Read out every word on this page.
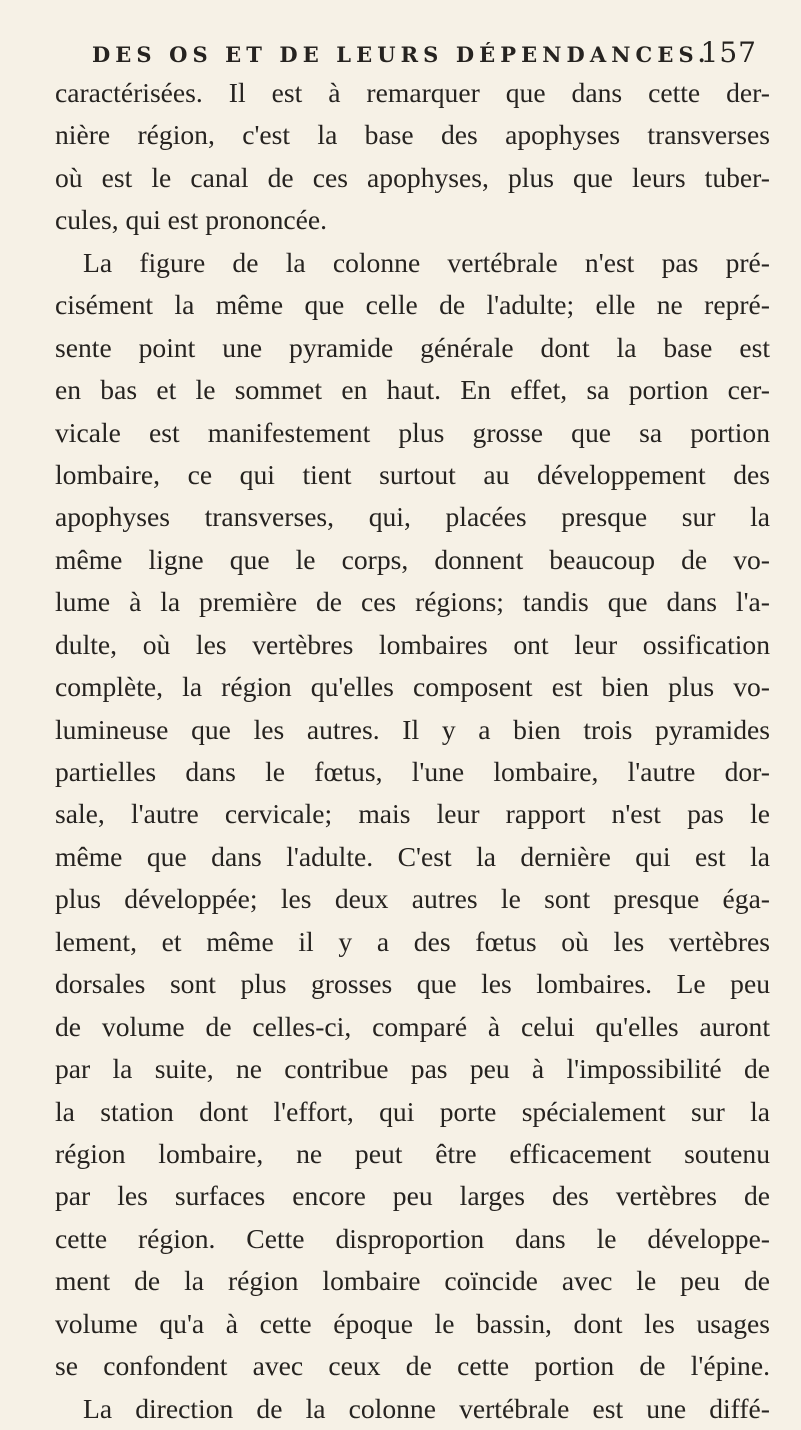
DES OS ET DE LEURS DÉPENDANCES.
157
caractérisées. Il est à remarquer que dans cette der-
nière région, c'est la base des apophyses transverses
où est le canal de ces apophyses, plus que leurs tuber-
cules, qui est prononcée.
La figure de la colonne vertébrale n'est pas pré-
cisément la même que celle de l'adulte; elle ne repré-
sente point une pyramide générale dont la base est
en bas et le sommet en haut. En effet, sa portion cer-
vicale est manifestement plus grosse que sa portion
lombaire, ce qui tient surtout au développement des
apophyses transverses, qui, placées presque sur la
même ligne que le corps, donnent beaucoup de vo-
lume à la première de ces régions; tandis que dans l'a-
dulte, où les vertèbres lombaires ont leur ossification
complète, la région qu'elles composent est bien plus vo-
lumineuse que les autres. Il y a bien trois pyramides
partielles dans le fœtus, l'une lombaire, l'autre dor-
sale, l'autre cervicale; mais leur rapport n'est pas le
même que dans l'adulte. C'est la dernière qui est la
plus développée; les deux autres le sont presque éga-
lement, et même il y a des fœtus où les vertèbres
dorsales sont plus grosses que les lombaires. Le peu
de volume de celles-ci, comparé à celui qu'elles auront
par la suite, ne contribue pas peu à l'impossibilité de
la station dont l'effort, qui porte spécialement sur la
région lombaire, ne peut être efficacement soutenu
par les surfaces encore peu larges des vertèbres de
cette région. Cette disproportion dans le développe-
ment de la région lombaire coïncide avec le peu de
volume qu'a à cette époque le bassin, dont les usages
se confondent avec ceux de cette portion de l'épine.
La direction de la colonne vertébrale est une diffé-
